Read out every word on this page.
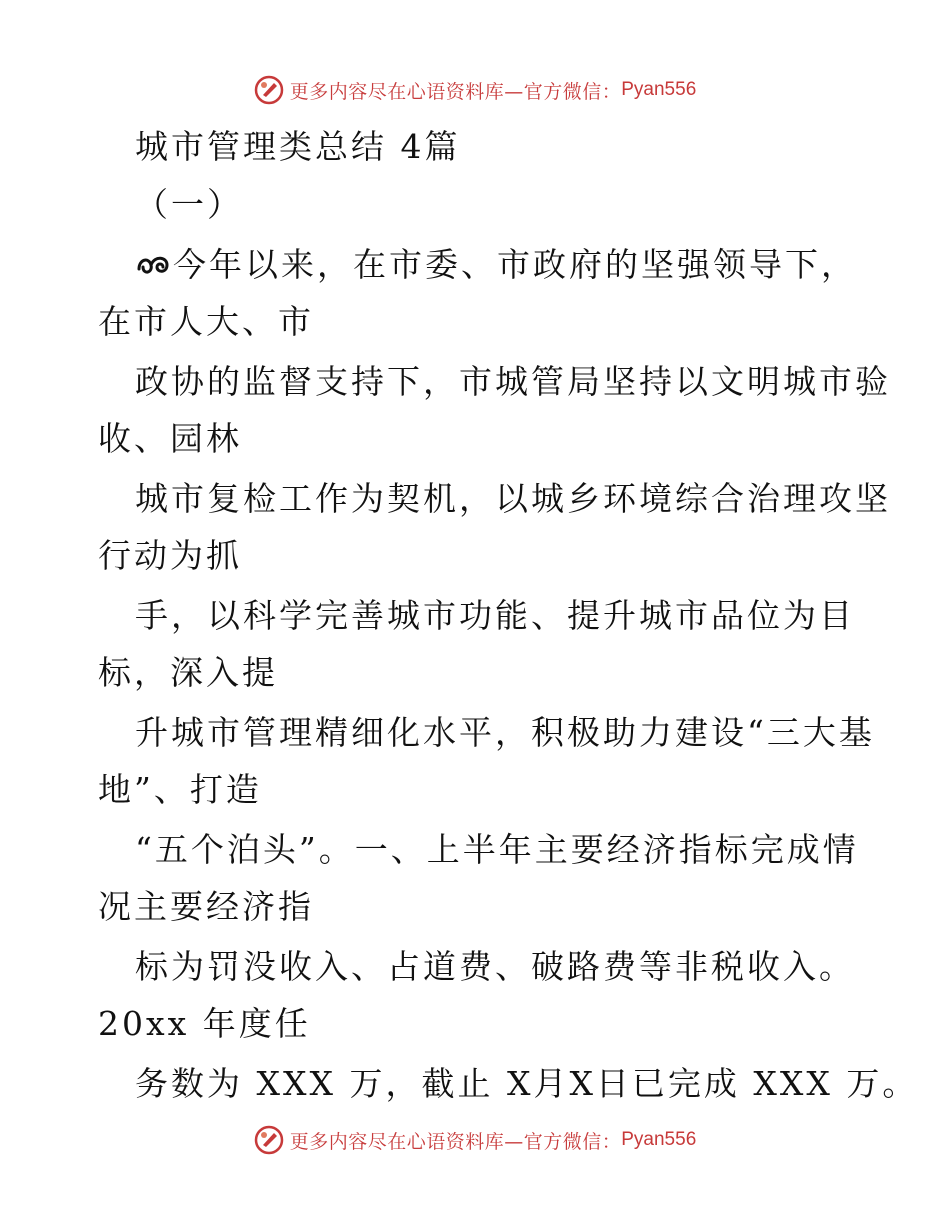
更多内容尽在心语资料库—官方微信： Pyan556
城市管理类总结 4篇
（一）
今年以来，在市委、市政府的坚强领导下，
在市人大、市
政协的监督支持下，市城管局坚持以文明城市验
收、园林
城市复检工作为契机，以城乡环境综合治理攻坚
行动为抓
手，以科学完善城市功能、提升城市品位为目
标，深入提
升城市管理精细化水平，积极助力建设“三大基
地”、打造
“五个泊头”。一、上半年主要经济指标完成情
况主要经济指
标为罚没收入、占道费、破路费等非税收入。
20xx 年度任
务数为 XXX 万，截止 X月X日已完成 XXX 万。
更多内容尽在心语资料库—官方微信： Pyan556
